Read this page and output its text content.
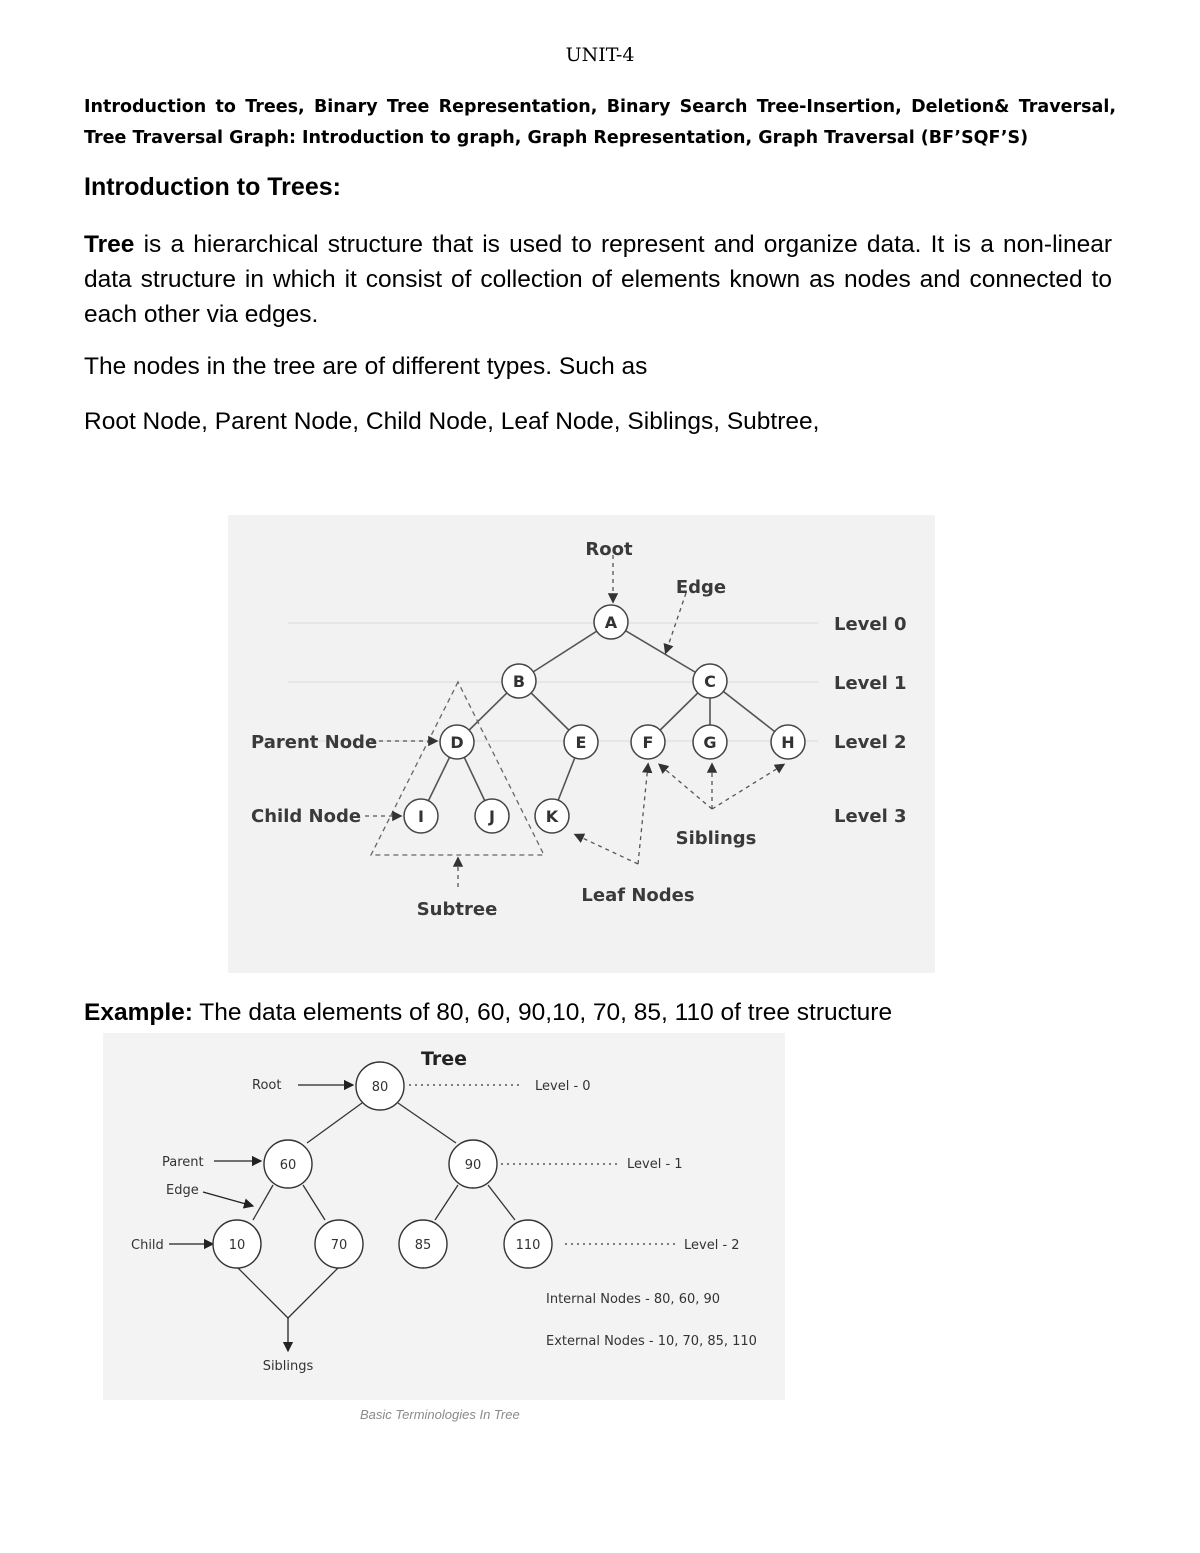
UNIT-4
Introduction to Trees, Binary Tree Representation, Binary Search Tree-Insertion, Deletion& Traversal, Tree Traversal Graph: Introduction to graph, Graph Representation, Graph Traversal (BF’SQF’S)
Introduction to Trees:
Tree is a hierarchical structure that is used to represent and organize data. It is a non-linear data structure in which it consist of collection of elements known as nodes and connected to each other via edges.
The nodes in the tree are of different types. Such as
Root Node, Parent Node, Child Node, Leaf Node, Siblings, Subtree,
A
B	C
D	E	F	G	H
I	J	K
Root
Edge
Parent Node
Child Node
Subtree
Leaf Nodes
Siblings
Level 0
Level 1
Level 2
Level 3
Example: The data elements of 80, 60, 90,10, 70, 85, 110 of tree structure
80
60	90
10	70	85	110
Tree
Root
Parent
Edge
Child
Siblings
Level - 0
Level - 1
Level - 2
Internal Nodes - 80, 60, 90
External Nodes - 10, 70, 85, 110
Basic Terminologies In Tree
